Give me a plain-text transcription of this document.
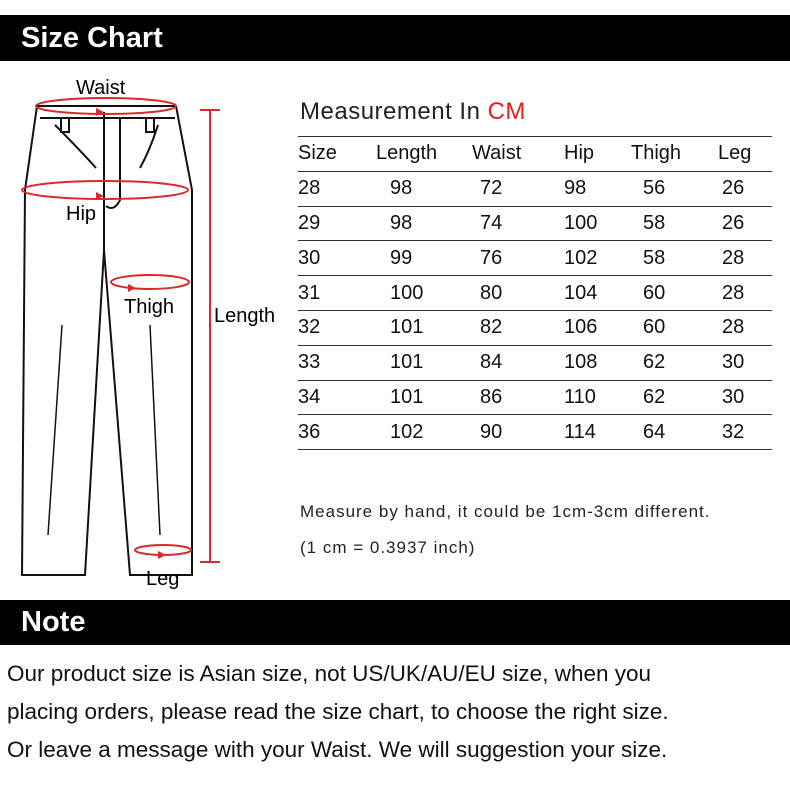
Size Chart
Waist
Hip
Thigh Length
Leg
Measurement In CM
Size	Length	Waist	Hip	Thigh	Leg
28	98	72	98	56	26
29	98	74	100	58	26
30	99	76	102	58	28
31	100	80	104	60	28
32	101	82	106	60	28
33	101	84	108	62	30
34	101	86	110	62	30
36	102	90	114	64	32
Measure by hand, it could be 1cm-3cm different.
(1 cm = 0.3937 inch)
Note
Our product size is Asian size, not US/UK/AU/EU size, when you
placing orders, please read the size chart, to choose the right size.
Or leave a message with your Waist. We will suggestion your size.
